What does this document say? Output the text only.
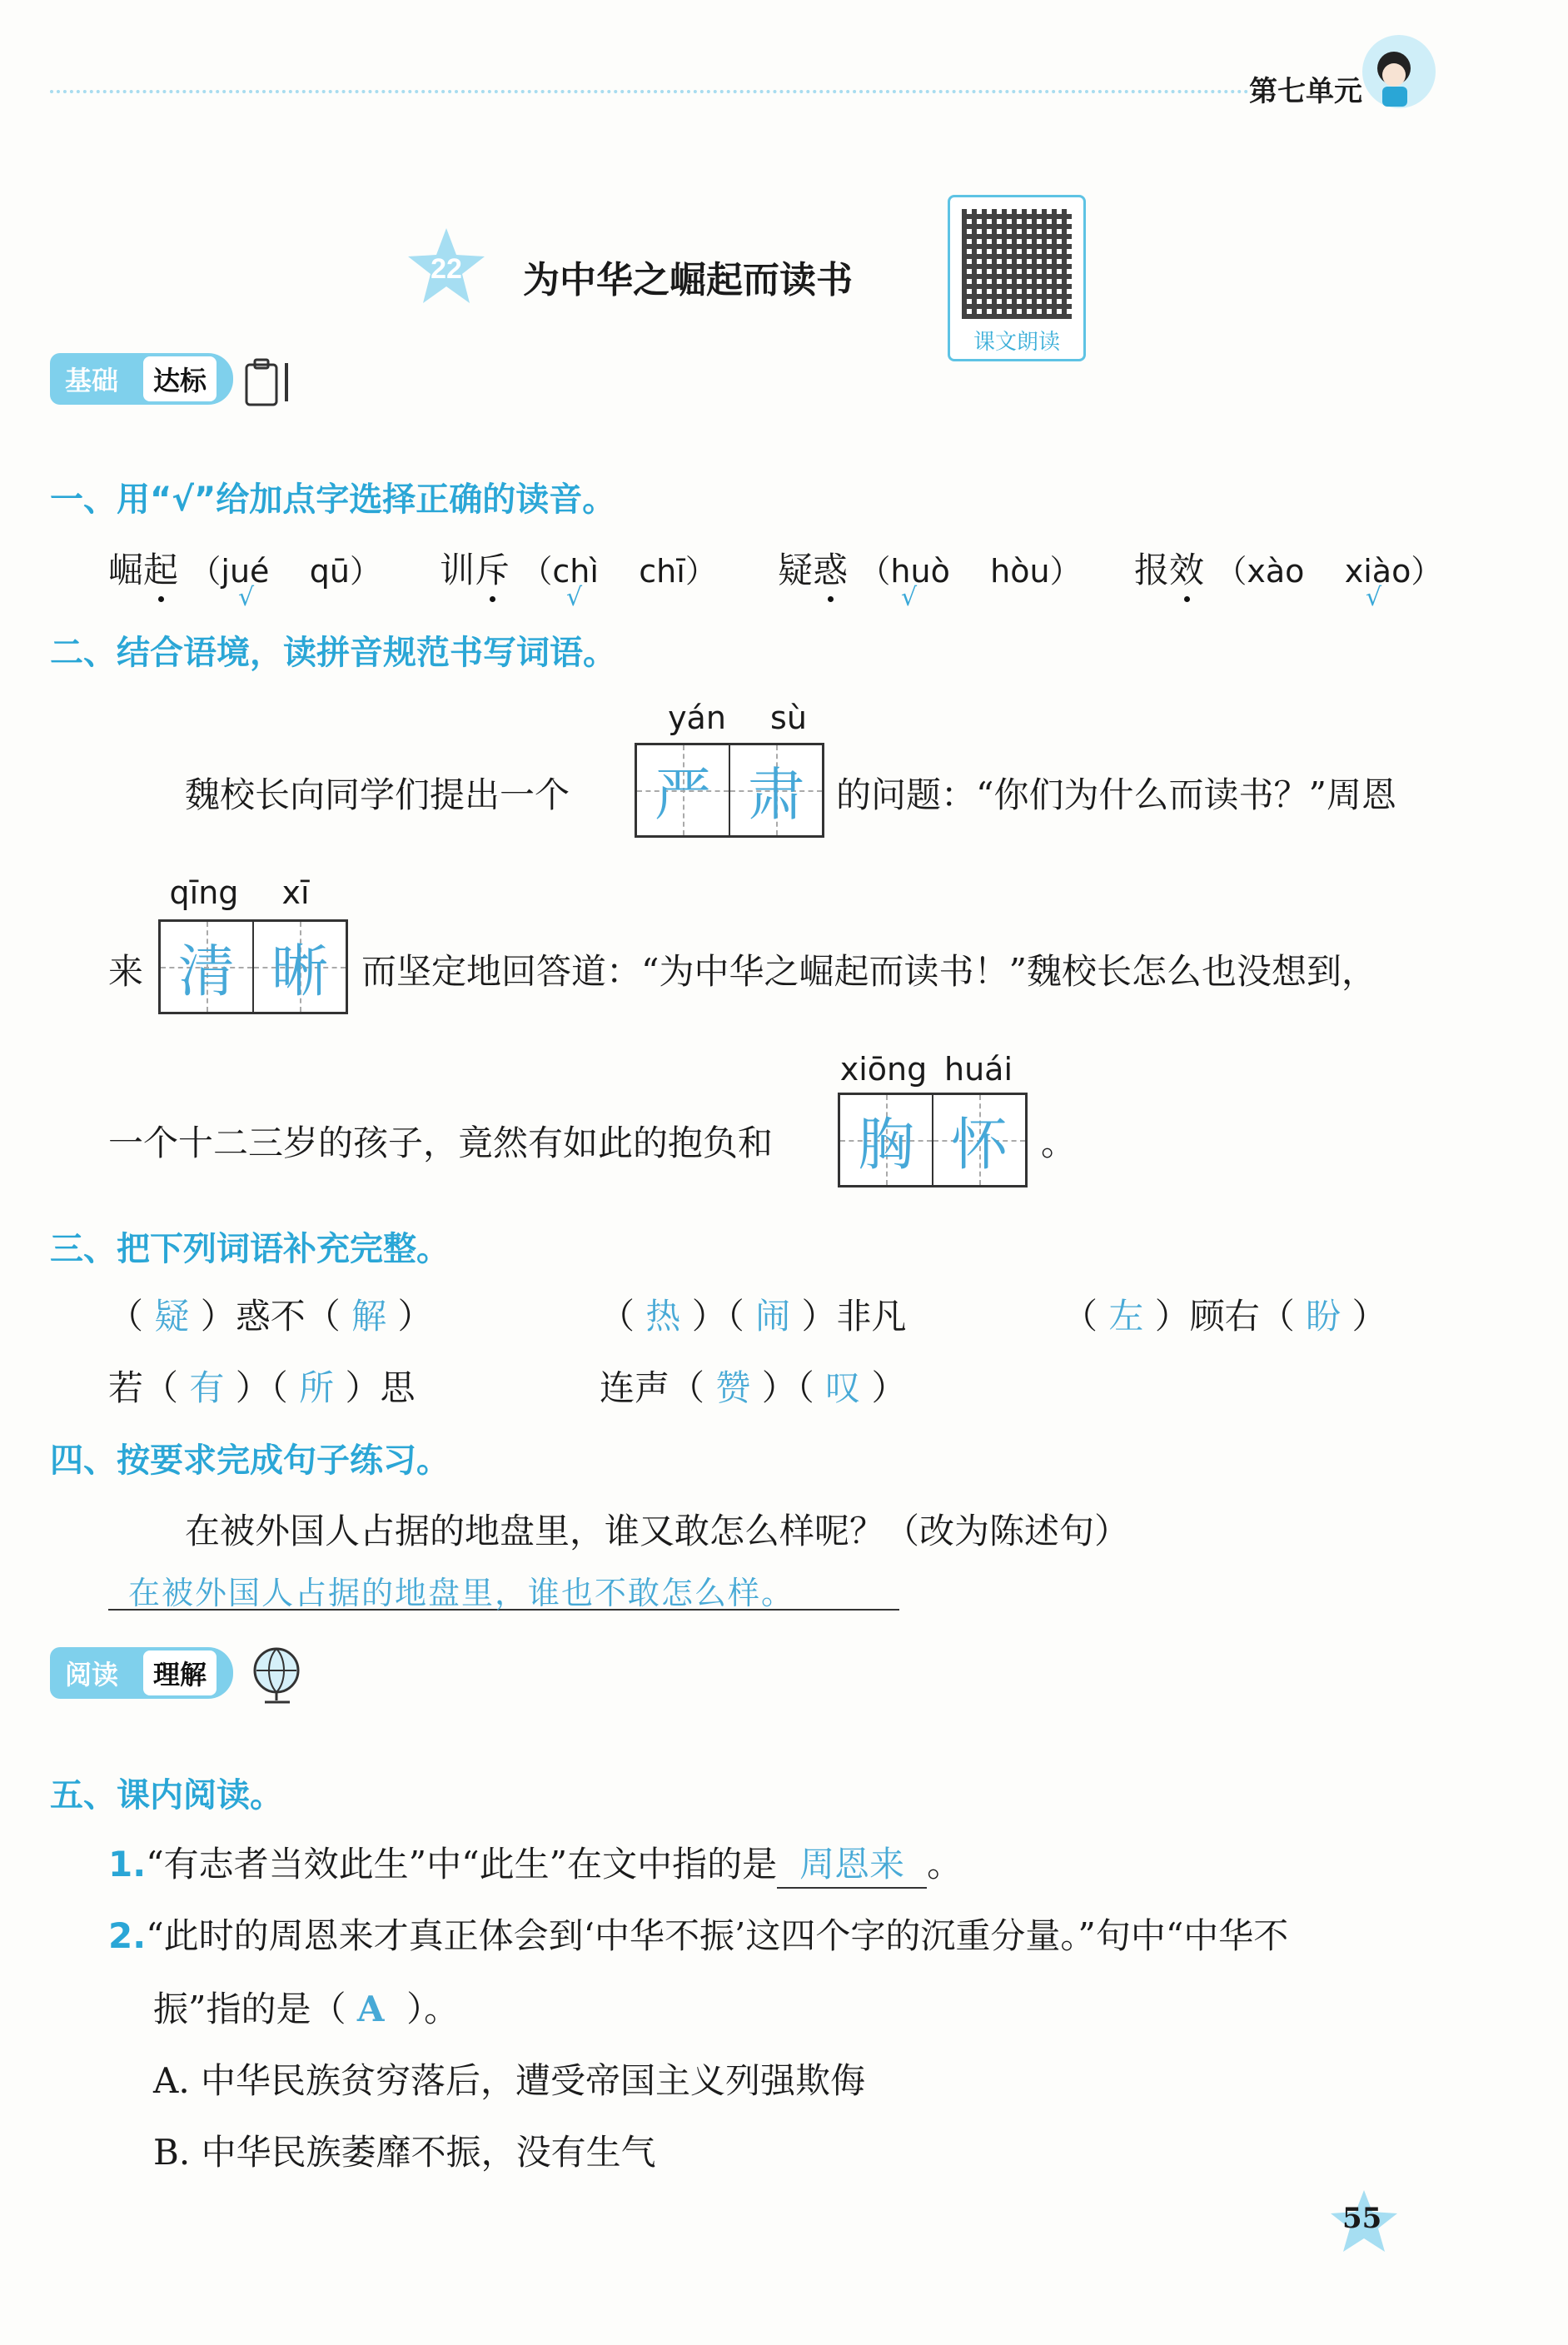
第七单元
22 为中华之崛起而读书
课文朗读
基础	达标
一、用“√”给加点字选择正确的读音。
崛起 （jué qū）
√
训斥 （chì chī）
√
疑惑 （huò hòu）
√
报效 （xào xiào）
√
二、结合语境，读拼音规范书写词语。
yán	sù
魏校长向同学们提出一个 严 肃 的问题：“你们为什么而读书？”周恩
qīng	xī
来 清 晰 而坚定地回答道：“为中华之崛起而读书！”魏校长怎么也没想到，
xiōng huái
一个十二三岁的孩子，竟然有如此的抱负和 胸 怀 。
三、把下列词语补充完整。
（ 疑 ）惑不（ 解 ）	（ 热 ）（ 闹 ）非凡	（ 左 ）顾右（ 盼 ）
若（ 有 ）（ 所 ）思	连声（ 赞 ）（ 叹 ）
四、按要求完成句子练习。
在被外国人占据的地盘里，谁又敢怎么样呢？（改为陈述句）
在被外国人占据的地盘里，谁也不敢怎么样。
阅读	理解
五、课内阅读。
1.“有志者当效此生”中“此生”在文中指的是 周恩来 。
2.“此时的周恩来才真正体会到‘中华不振’这四个字的沉重分量。”句中“中华不
振”指的是（ A ）。
A. 中华民族贫穷落后，遭受帝国主义列强欺侮
B. 中华民族萎靡不振，没有生气
55
